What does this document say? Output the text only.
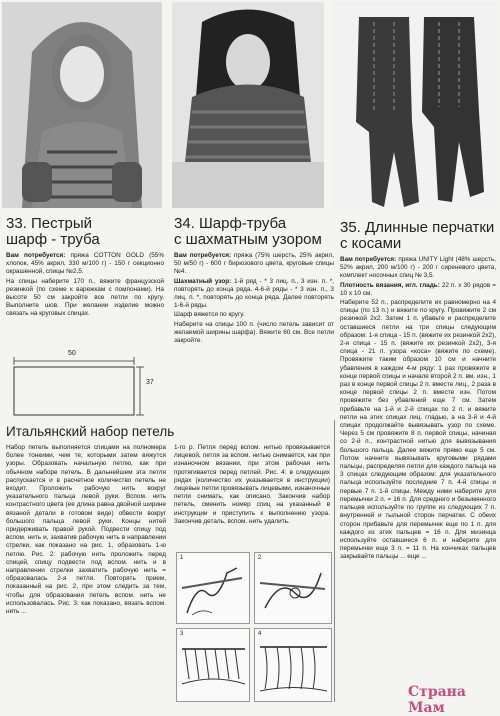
33. Пестрый
шарф - труба

Вам потребуется: пряжа COTTON GOLD (55% хлопок, 45% акрил, 330 м/100 г) - 150 г секционно окрашенной, спицы №2,5.

На спицы наберите 170 п., вяжите французской резинкой (по схеме к варежкам с помпонами). На высоте 50 см закройте все петли по кругу. Выполните шов. При желании изделие можно связать на круговых спицах.

50
37
34. Шарф-труба
с шахматным узором

Вам потребуется: пряжа (75% шерсть, 25% акрил, 50 м/50 г) - 600 г бирюзового цвета, круговые спицы №4.

Шахматный узор: 1-й ряд - * 3 лиц. п., 3 изн. п. *, повторять до конца ряда. 4-6-й ряды - * 3 изн. п., 3 лиц. п. *, повторять до конца ряда. Далее повторять 1-6-й ряды.

Шарф вяжется по кругу.

Наберите на спицы 100 п. (число петель зависит от желаемой ширины шарфа). Вяжите 60 см. Все петли закройте.

35. Длинные перчатки
с косами

Вам потребуется: пряжа UNITY Light (48% шерсть, 52% акрил, 200 м/100 г) - 200 г сиреневого цвета, комплект носочных спиц № 3,5.

Плотность вязания, игл. гладь: 22 п. х 30 рядов = 10 х 10 см.

Наберите 52 п., распределите их равномерно на 4 спицы (по 13 п.) и вяжите по кругу. Провяжите 2 см резинкой 2х2. Затем 1 п. убавьте и распределите оставшиеся петли на три спицы следующим образом: 1-я спица - 15 п. (вяжите их резинкой 2х2), 2-я спица - 15 п. (вяжите их резинкой 2х2), 3-я спица - 21 п. узора «коса» (вяжите по схеме). Провяжите таким образом 10 см и начните убавления в каждом 4-м ряду: 1 раз провяжите в конце первой спицы и начале второй 2 п. вм. изн., 1 раз в конце первой спицы 2 п. вместе лиц., 2 раза в конце первой спицы 2 п. вместе изн. Потом провяжите без убавлений еще 7 см. Затем прибавьте на 1-й и 2-й спицах по 2 п. и вяжите петли на этих спицах лиц. гладью, а на 3-й и 4-й спицах продолжайте вывязывать узор по схеме. Через 5 см провяжите 8 п. первой спицы, начиная со 2-й п., контрастной нитью для вывязывания большого пальца. Далее вяжите прямо еще 5 см. Потом начните вывязывать круговыми рядами пальцы, распределяя петли для каждого пальца на 3 спицах следующим образом: для указательного пальца используйте последние 7 п. 4-й спицы и первые 7 п. 1-й спицы. Между ними наберите для перемычки 2 п. = 16 п. Для среднего и безымянного пальцев используйте по группе из следующих 7 п. внутренней и тыльной сторон перчатки. С обеих сторон прибавьте для перемычек еще по 1 п. для каждого из этих пальцев = 16 п. Для мизинца используйте оставшиеся 6 п. и наберите для перемычки еще 3 п. = 11 п. На кончиках пальцев закрывайте пальцы ... еще ...

Итальянский набор петель

Набор петель выполняется спицами на полномера более тонкими, чем те, которыми затем вяжутся узоры. Образовать начальную петлю, как при обычном наборе петель. В дальнейшем эта петля распускается и в расчетное количество петель не входит. Проложить рабочую нить вокруг указательного пальца левой руки. Вспом. нить контрастного цвета (ее длина равна двойной ширине вязаной детали в готовом виде) обвести вокруг большого пальца левой руки. Концы нитей придерживать правой рукой. Подвести спицу под вспом. нить и, захватив рабочую нить в направлении стрелки, как показано на рис. 1, образовать 1-ю петлю. Рис. 2: рабочую нить проложить перед спицей, спицу подвести под вспом. нить и в направлении стрелки захватить рабочую нить = образовалась 2-я петля. Повторять прием, показанный на рис. 2, при этом следить за тем, чтобы для образования петель вспом. нить не использовалась. Рис. 3: как показано, вязать вспом. нить ...

1-го р. Петля перед вспом. нитью провязывается лицевой, петля за вспом. нитью снимается, как при изнаночном вязании, при этом рабочая нить протягивается перед петлей. Рис. 4: в следующих рядах (количество их указывается в инструкции) лицевые петли провязывать лицевыми, изнаночные петли снимать, как описано. Закончив набор петель, сменить номер спиц на указанный в инструкции и приступить к выполнению узора. Закончив деталь, вспом. нить удалить.

1	2
3	4
Страна Мам
